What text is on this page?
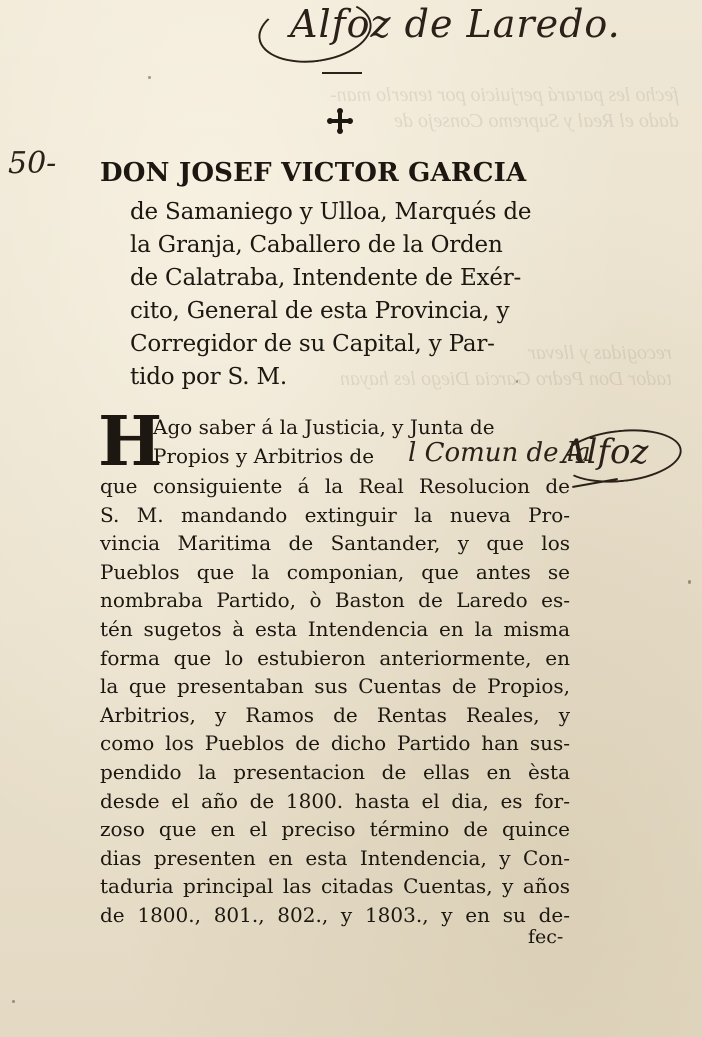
fecho les parará perjuicio por tenerlo man-
dado el Real y Supremo Consejo de

recogidas y llevar
tador Don Pedro Garcia Diego les hayan

Alfoz de Laredo.
50-
l Comun de la
Alfoz
DON JOSEF VICTOR GARCIA
de Samaniego y Ulloa, Marqués de
la Granja, Caballero de la Orden
de Calatraba, Intendente de Exér-
cito, General de esta Provincia, y
Corregidor de su Capital, y Par-
tido por S. M.
H
Ago saber á la Justicia, y Junta de
Propios y Arbitrios de
que consiguiente á la Real Resolucion de
S. M. mandando extinguir la nueva Pro-
vincia Maritima de Santander, y que los
Pueblos que la componian, que antes se
nombraba Partido, ò Baston de Laredo es-
tén sugetos à esta Intendencia en la misma
forma que lo estubieron anteriormente, en
la que presentaban sus Cuentas de Propios,
Arbitrios, y Ramos de Rentas Reales, y
como los Pueblos de dicho Partido han sus-
pendido la presentacion de ellas en èsta
desde el año de 1800. hasta el dia, es for-
zoso que en el preciso término de quince
dias presenten en esta Intendencia, y Con-
taduria principal las citadas Cuentas, y años
de 1800., 801., 802., y 1803., y en su de-
fec-
